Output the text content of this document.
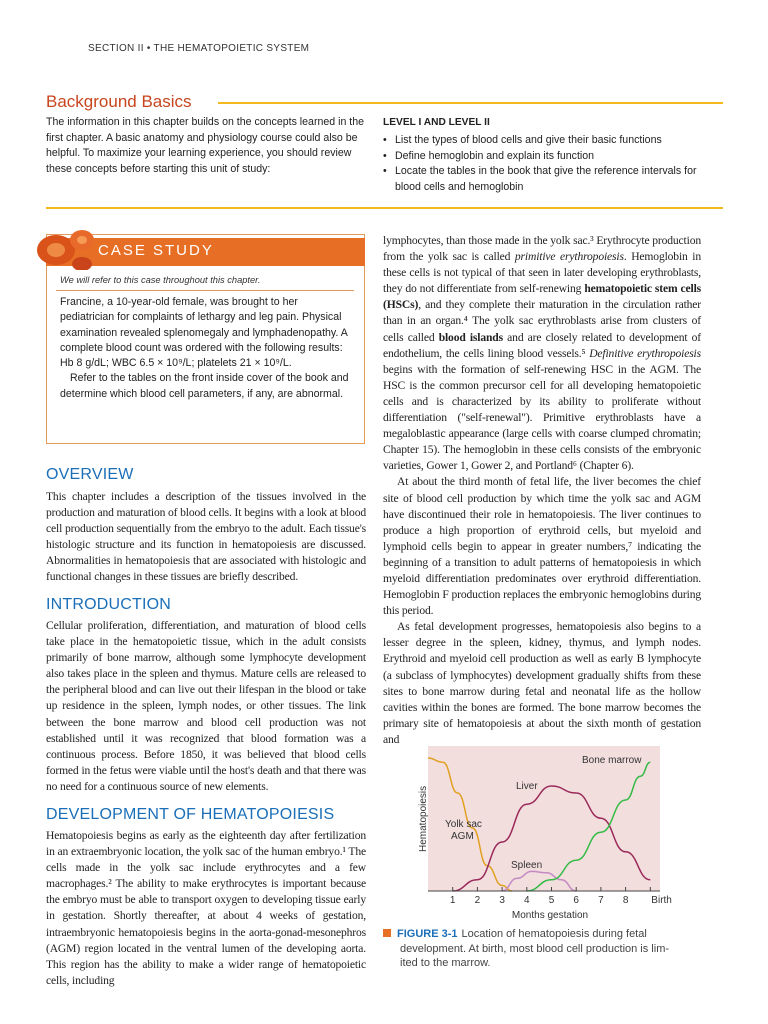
SECTION II • THE HEMATOPOIETIC SYSTEM
Background Basics
The information in this chapter builds on the concepts learned in the first chapter. A basic anatomy and physiology course could also be helpful. To maximize your learning experience, you should review these concepts before starting this unit of study:
LEVEL I AND LEVEL II
• List the types of blood cells and give their basic functions
• Define hemoglobin and explain its function
• Locate the tables in the book that give the reference intervals for blood cells and hemoglobin
CASE STUDY
We will refer to this case throughout this chapter.

Francine, a 10-year-old female, was brought to her pediatrician for complaints of lethargy and leg pain. Physical examination revealed splenomegaly and lymphadenopathy. A complete blood count was ordered with the following results: Hb 8 g/dL; WBC 6.5 × 10⁹/L; platelets 21 × 10⁹/L.

Refer to the tables on the front inside cover of the book and determine which blood cell parameters, if any, are abnormal.

OVERVIEW
This chapter includes a description of the tissues involved in the production and maturation of blood cells. It begins with a look at blood cell production sequentially from the embryo to the adult. Each tissue's histologic structure and its function in hematopoiesis are discussed. Abnormalities in hematopoiesis that are associated with histologic and functional changes in these tissues are briefly described.
INTRODUCTION
Cellular proliferation, differentiation, and maturation of blood cells take place in the hematopoietic tissue, which in the adult consists primarily of bone marrow, although some lymphocyte development also takes place in the spleen and thymus. Mature cells are released to the peripheral blood and can live out their lifespan in the blood or take up residence in the spleen, lymph nodes, or other tissues. The link between the bone marrow and blood cell production was not established until it was recognized that blood formation was a continuous process. Before 1850, it was believed that blood cells formed in the fetus were viable until the host's death and that there was no need for a continuous source of new elements.
DEVELOPMENT OF HEMATOPOIESIS
Hematopoiesis begins as early as the eighteenth day after fertilization in an extraembryonic location, the yolk sac of the human embryo.¹ The cells made in the yolk sac include erythrocytes and a few macrophages.² The ability to make erythrocytes is important because the embryo must be able to transport oxygen to developing tissue early in gestation. Shortly thereafter, at about 4 weeks of gestation, intraembryonic hematopoiesis begins in the aorta-gonad-mesonephros (AGM) region located in the ventral lumen of the developing aorta. This region has the ability to make a wider range of hematopoietic cells, including

lymphocytes, than those made in the yolk sac.³ Erythrocyte production from the yolk sac is called primitive erythropoiesis. Hemoglobin in these cells is not typical of that seen in later developing erythroblasts, they do not differentiate from self-renewing hematopoietic stem cells (HSCs), and they complete their maturation in the circulation rather than in an organ.⁴ The yolk sac erythroblasts arise from clusters of cells called blood islands and are closely related to development of endothelium, the cells lining blood vessels.⁵ Definitive erythropoiesis begins with the formation of self-renewing HSC in the AGM. The HSC is the common precursor cell for all developing hematopoietic cells and is characterized by its ability to proliferate without differentiation ("self-renewal"). Primitive erythroblasts have a megaloblastic appearance (large cells with coarse clumped chromatin; Chapter 15). The hemoglobin in these cells consists of the embryonic varieties, Gower 1, Gower 2, and Portland⁶ (Chapter 6).

At about the third month of fetal life, the liver becomes the chief site of blood cell production by which time the yolk sac and AGM have discontinued their role in hematopoiesis. The liver continues to produce a high proportion of erythroid cells, but myeloid and lymphoid cells begin to appear in greater numbers,⁷ indicating the beginning of a transition to adult patterns of hematopoiesis in which myeloid differentiation predominates over erythroid differentiation. Hemoglobin F production replaces the embryonic hemoglobins during this period.

As fetal development progresses, hematopoiesis also begins to a lesser degree in the spleen, kidney, thymus, and lymph nodes. Erythroid and myeloid cell production as well as early B lymphocyte (a subclass of lymphocytes) development gradually shifts from these sites to bone marrow during fetal and neonatal life as the hollow cavities within the bones are formed. The bone marrow becomes the primary site of hematopoiesis at about the sixth month of gestation and

1 2 3 4 5 6 7 8 Birth
Hematopoiesis
Months gestation
Yolk sac AGM
Liver
Spleen
Bone marrow
FIGURE 3-1 Location of hematopoiesis during fetal
development. At birth, most blood cell production is lim-
ited to the marrow.
